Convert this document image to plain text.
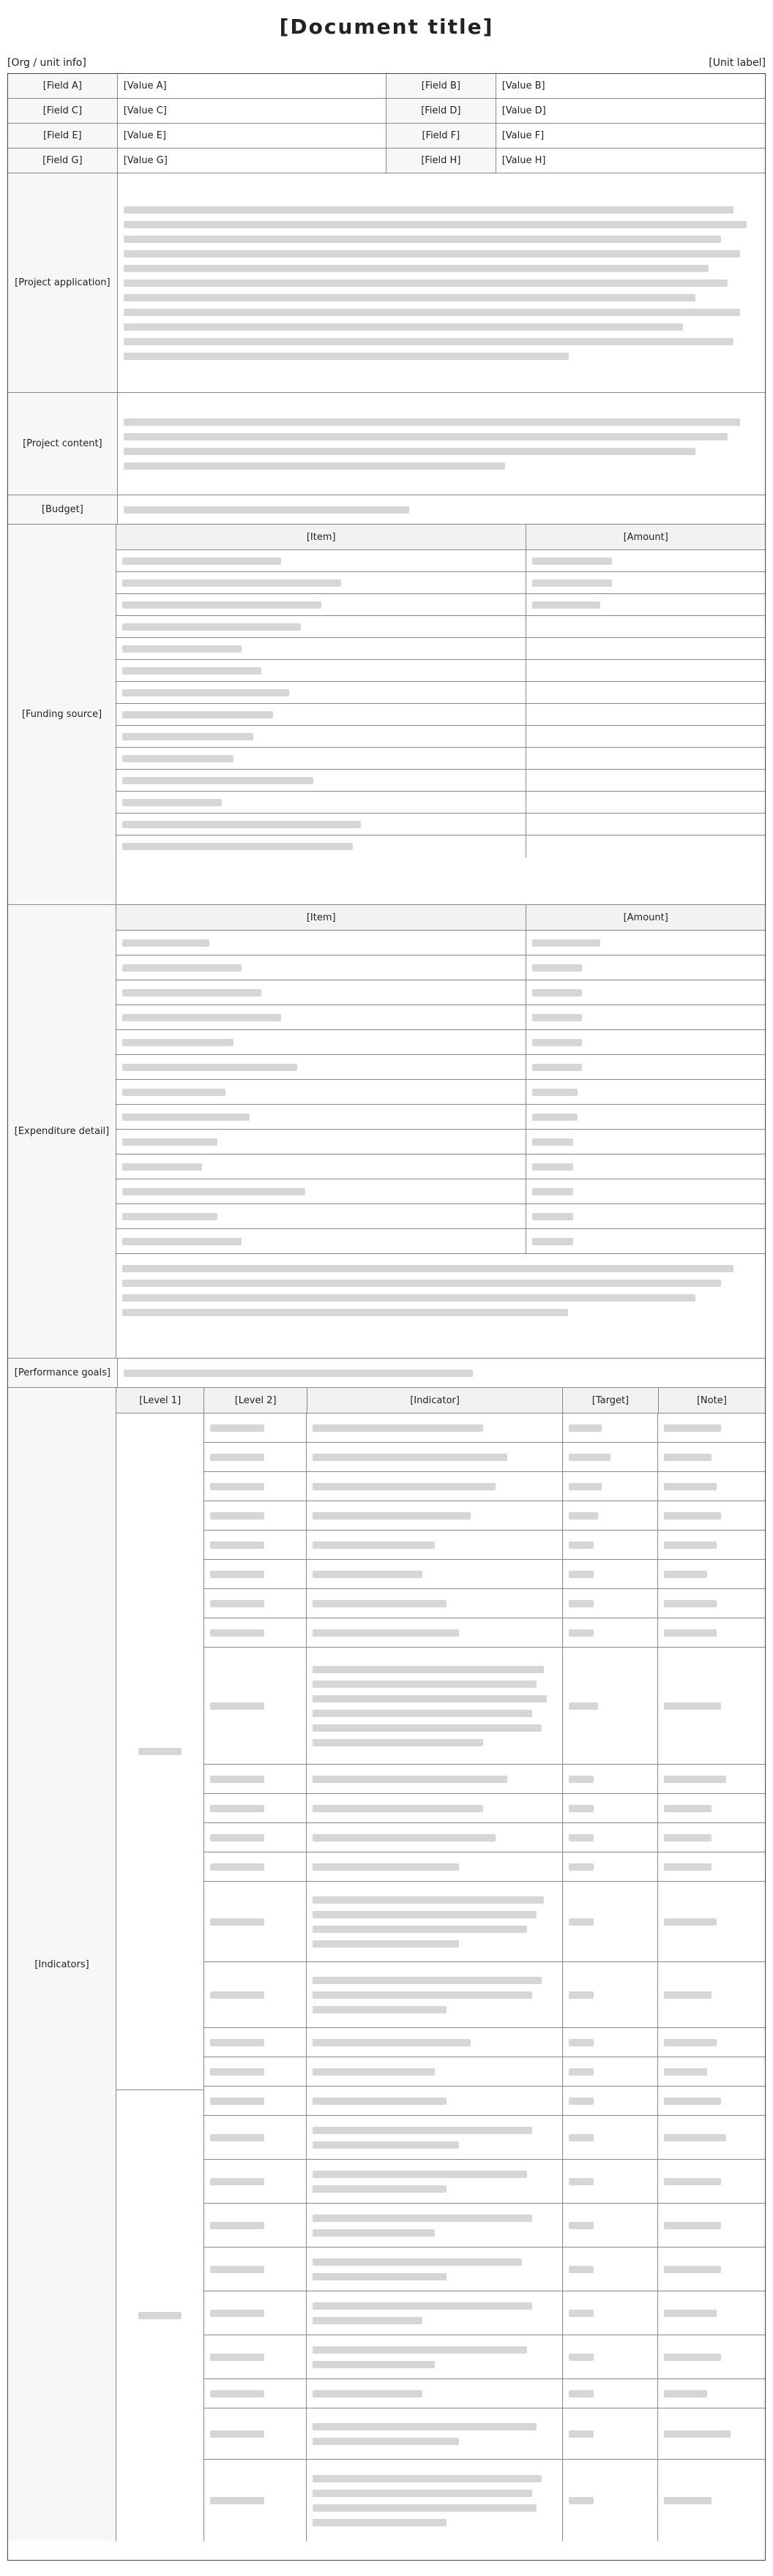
[Document title]
[Org / unit info]	[Unit label]
[Field A]	[Value A]	[Field B]	[Value B]
[Field C]	[Value C]	[Field D]	[Value D]
[Field E]	[Value E]	[Field F]	[Value F]
[Field G]	[Value G]	[Field H]	[Value H]
[Project application]
[Project content]
[Budget]
[Funding source]
[Item]	[Amount]
[Expenditure detail]
[Item]	[Amount]
[Performance goals]
[Indicators]
[Level 1]	[Level 2]	[Indicator]	[Target]	[Note]
